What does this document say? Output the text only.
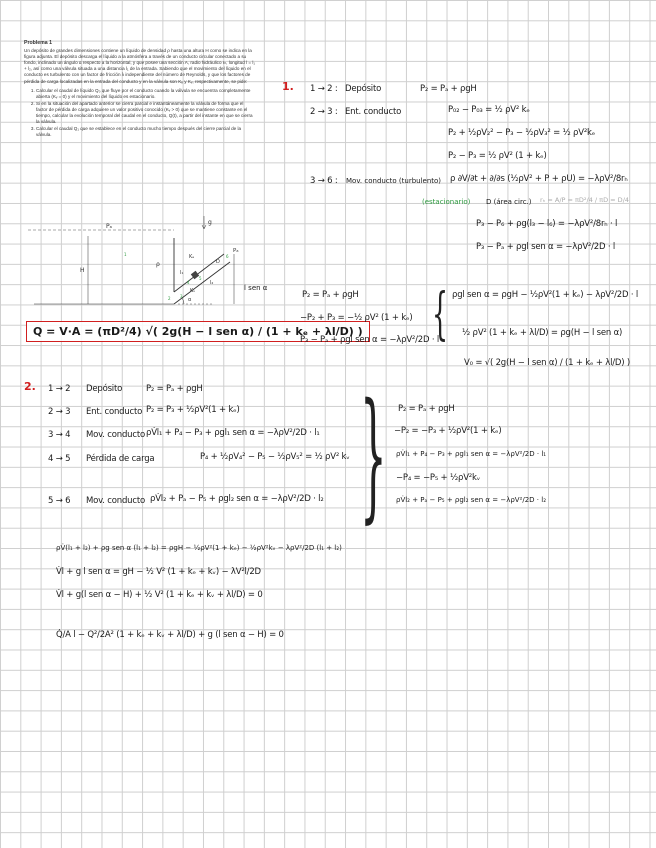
Problema 1
Un depósito de grandes dimensiones contiene un líquido de densidad ρ hasta una altura H como se indica en la figura adjunta. El depósito descarga el líquido a la atmósfera a través de un conducto circular conectado a su fondo, inclinado un ángulo α respecto a la horizontal, y que posee una sección A, radio hidráulico rₕ, longitud l = l₁ + l₂, así como una válvula situada a una distancia l₁ de la entrada. Sabiendo que el movimiento del líquido en el conducto es turbulento con un factor de fricción λ independiente del número de Reynolds, y que los factores de pérdida de carga localizadas en la entrada del conducto y en la válvula son Kₑ y Kᵥ, respectivamente, se pide:
1. Calcular el caudal de líquido Q₀ que fluye por el conducto cuando la válvula se encuentra completamente abierta (Kᵥ = 0) y el movimiento del líquido es estacionario.
2. Si en la situación del apartado anterior se cierra parcial e instantáneamente la válvula de forma que el factor de pérdida de carga adquiere un valor positivo conocido (Kᵥ > 0) que se mantiene constante en el tiempo, calcular la evolución temporal del caudal en el conducto, Q(t), a partir del instante en que se cierra la válvula.
3. Calcular el caudal Q₁ que se establece en el conducto mucho tiempo después del cierre parcial de la válvula.
Pₐ
g
H
ρ
l₁
Kₑ
D
Pₐ
l₂
Kᵥ
α
1
2 3
4
5
6
l sen α
Q = V·A = (πD²/4) √( 2g(H − l sen α) / (1 + kₑ + λl/D) )
1. 1 → 2 : Depósito	P₂ = Pₐ + ρgH
2 → 3 : Ent. conducto	P₀₂ − P₀₃ = ½ ρV² kₑ
P₂ + ½ρV₂² − P₃ − ½ρV₃² = ½ ρV²kₑ
P₂ − P₃ = ½ ρV² (1 + kₑ)
3 → 6 : Mov. conducto (turbulento) ρ ∂V/∂t + ∂/∂s (½ρV² + P + ρU) = −λρV²/8rₕ
(estacionario) D (área circ.) rₕ = A/P = πD²/4 / πD = D/4
P₃ − P₆ + ρg(l₃ − l₆) = −λρV²/8rₕ · l
P₃ − Pₐ + ρgl sen α = −λρV²/2D · l
P₂ = Pₐ + ρgH
−P₂ + P₃ = −½ ρV² (1 + kₑ)
P₃ − Pₐ + ρgl sen α = −λρV²/2D · l
{ ρgl sen α = ρgH − ½ρV²(1 + kₑ) − λρV²/2D · l
½ ρV² (1 + kₑ + λl/D) = ρg(H − l sen α)
V₀ = √( 2g(H − l sen α) / (1 + kₑ + λl/D) )
2. 1 → 2 Depósito	P₂ = Pₐ + ρgH
2 → 3 Ent. conducto P₂ = P₃ + ½ρV²(1 + kₑ)
3 → 4 Mov. conducto ρV̇l₁ + P₄ − P₃ + ρgl₁ sen α = −λρV²/2D · l₁
4 → 5 Pérdida de carga	P₄ + ½ρV₄² − P₅ − ½ρV₅² = ½ ρV² kᵥ
5 → 6 Mov. conducto ρV̇l₂ + Pₐ − P₅ + ρgl₂ sen α = −λρV²/2D · l₂ } P₂ = Pₐ + ρgH
−P₂ = −P₃ + ½ρV²(1 + kₑ)
ρV̇l₁ + P₄ − P₃ + ρgl₁ sen α = −λρV²/2D · l₁
−P₄ = −P₅ + ½ρV²kᵥ
ρV̇l₂ + Pₐ − P₅ + ρgl₂ sen α = −λρV²/2D · l₂
ρV̇(l₁ + l₂) + ρg sen α (l₁ + l₂) = ρgH − ½ρV²(1 + kₑ) − ½ρV²kᵥ − λρV²/2D (l₁ + l₂)
V̇l + g l sen α = gH − ½ V² (1 + kₑ + kᵥ) − λV²l/2D
V̇l + g(l sen α − H) + ½ V² (1 + kₑ + kᵥ + λl/D) = 0
Q̇/A l − Q²/2A² (1 + kₑ + kᵥ + λl/D) + g (l sen α − H) = 0
